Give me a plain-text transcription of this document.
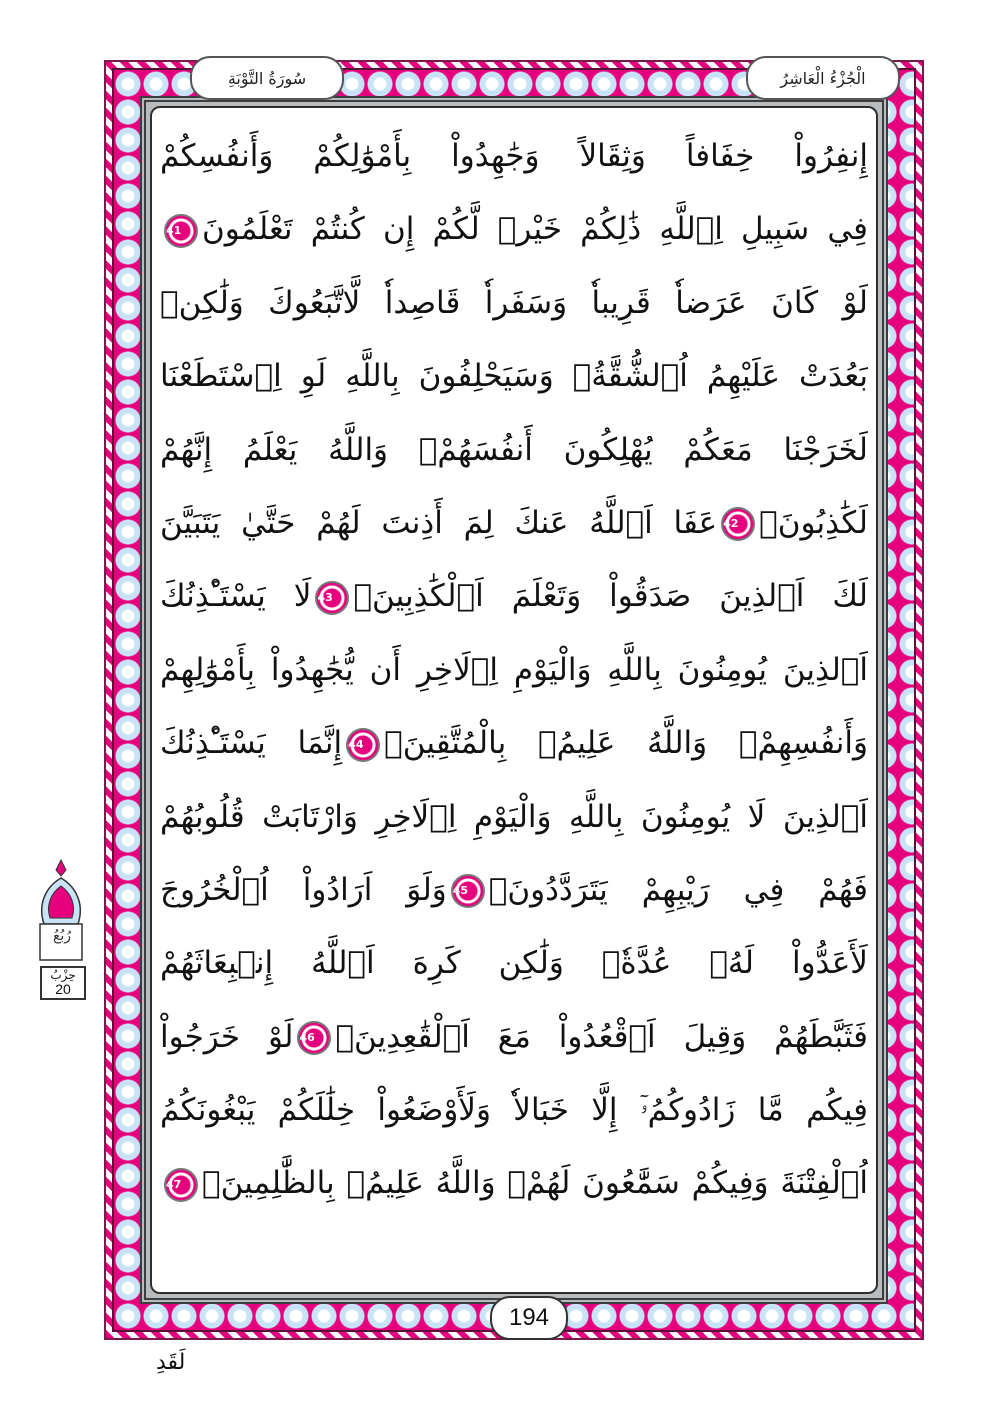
سُورَةُ التَّوْبَةِ	الْجُزْءُ الْعَاشِرُ
إِنفِرُواْ خِفَافاً وَثِقَالاً وَجَٰهِدُواْ بِأَمْوَٰلِكُمْ وَأَنفُسِكُمْ
فِي سَبِيلِ اِ۬للَّهِ ذَٰلِكُمْ خَيْرٞ لَّكُمْ إِن كُنتُمْ تَعْلَمُونَ41
لَوْ كَانَ عَرَضاٗ قَرِيباٗ وَسَفَراٗ قَاصِداٗ لَّاتَّبَعُوكَ وَلَٰكِنۢ
بَعُدَتْ عَلَيْهِمُ اُ۬لشُّقَّةُۖ وَسَيَحْلِفُونَ بِاللَّهِ لَوِ اِ۪سْتَطَعْنَا
لَخَرَجْنَا مَعَكُمْ يُهْلِكُونَ أَنفُسَهُمْۖ وَاللَّهُ يَعْلَمُ إِنَّهُمْ
لَكَٰذِبُونَۖ42عَفَا اَ۬للَّهُ عَنكَ لِمَ أَذِنتَ لَهُمْ حَتَّيٰ يَتَبَيَّنَ
لَكَ اَ۬لذِينَ صَدَقُواْ وَتَعْلَمَ اَ۬لْكَٰذِبِينَۖ43لَا يَسْتَـْٔذِنُكَ
اَ۬لذِينَ يُومِنُونَ بِاللَّهِ وَالْيَوْمِ اِ۬لَاخِرِ أَن يُّجَٰهِدُواْ بِأَمْوَٰلِهِمْ
وَأَنفُسِهِمْۖ وَاللَّهُ عَلِيمُۢ بِالْمُتَّقِينَۖ44إِنَّمَا يَسْتَـْٔذِنُكَ
اَ۬لذِينَ لَا يُومِنُونَ بِاللَّهِ وَالْيَوْمِ اِ۬لَاخِرِ وَارْتَابَتْ قُلُوبُهُمْ
فَهُمْ فِي رَيْبِهِمْ يَتَرَدَّدُونَۖ45وَلَوَ اَرَادُواْ اُ۬لْخُرُوجَ
لَأَعَدُّواْ لَهُۥ عُدَّةٗۖ وَلَٰكِن كَرِهَ اَ۬للَّهُ إِنۢبِعَاثَهُمْ
فَثَبَّطَهُمْ وَقِيلَ اَ۟قْعُدُواْ مَعَ اَ۬لْقَٰعِدِينَۖ46لَوْ خَرَجُواْ
فِيكُم مَّا زَادُوكُمُۥٓ إِلَّا خَبَالاٗ وَلَأَوْضَعُواْ خِلَٰلَكُمْ يَبْغُونَكُمُ
اُ۬لْفِتْنَةَ وَفِيكُمْ سَمَّٰعُونَ لَهُمْۖ وَاللَّهُ عَلِيمُۢ بِالظَّٰلِمِينَۖ47
رُبُعُ
حِزْبُ
20
194
لَقَدِ
